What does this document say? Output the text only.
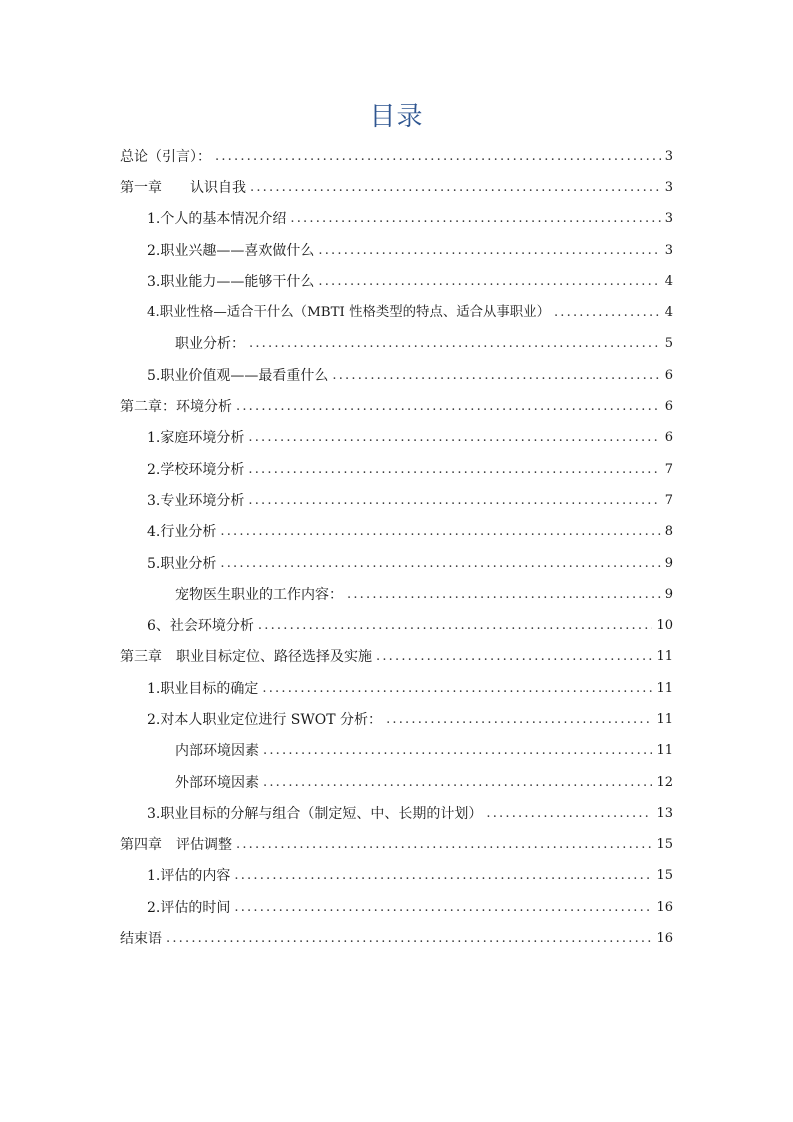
目录
总论（引言）： .....	3
第一章　　认识自我 .....	3
1.个人的基本情况介绍 .....	3
2.职业兴趣——喜欢做什么 .....	3
3.职业能力——能够干什么 .....	4
4.职业性格—适合干什么（MBTI 性格类型的特点、适合从事职业） .....	4
职业分析： .....	5
5.职业价值观——最看重什么 .....	6
第二章：环境分析 .....	6
1.家庭环境分析 .....	6
2.学校环境分析 .....	7
3.专业环境分析 .....	7
4.行业分析 .....	8
5.职业分析 .....	9
宠物医生职业的工作内容： .....	9
6、社会环境分析 .....	10
第三章　职业目标定位、路径选择及实施 .....	11
1.职业目标的确定 .....	11
2.对本人职业定位进行 SWOT 分析： .....	11
内部环境因素 .....	11
外部环境因素 .....	12
3.职业目标的分解与组合（制定短、中、长期的计划） .....	13
第四章　评估调整 .....	15
1.评估的内容 .....	15
2.评估的时间 .....	16
结束语 .....	16
